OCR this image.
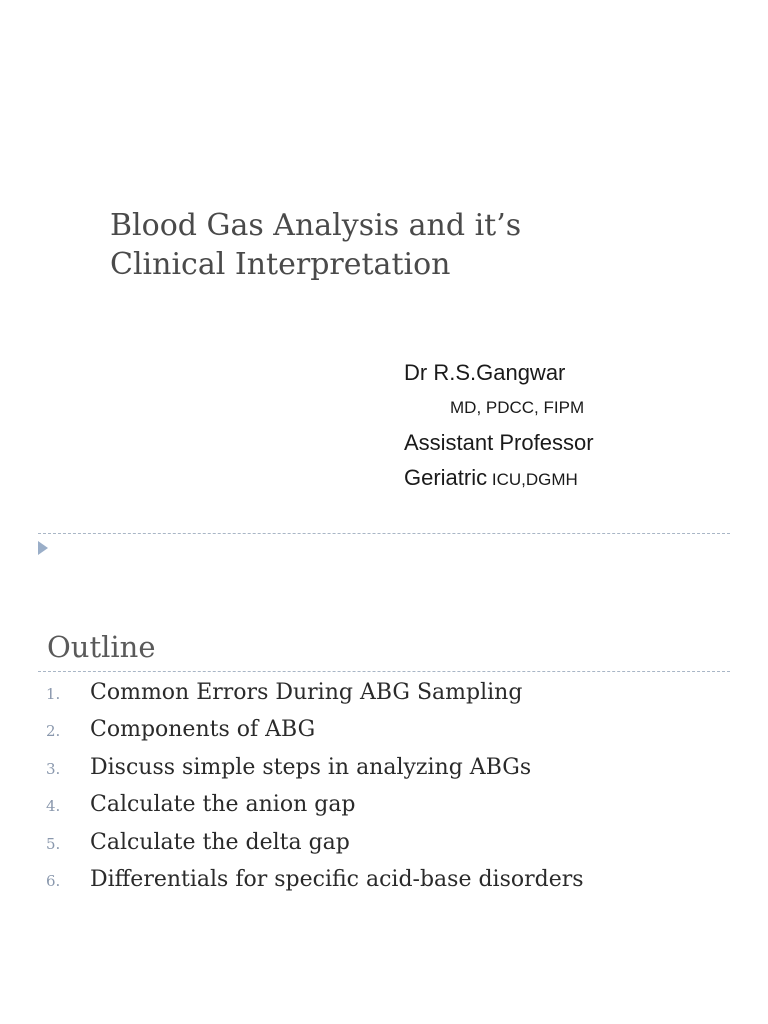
Blood Gas Analysis and it’s
Clinical Interpretation
Dr R.S.Gangwar
MD, PDCC, FIPM
Assistant Professor
Geriatric ICU,DGMH
Outline
1.	Common Errors During ABG Sampling
2.	Components of ABG
3.	Discuss simple steps in analyzing ABGs
4.	Calculate the anion gap
5.	Calculate the delta gap
6.	Differentials for specific acid-base disorders
